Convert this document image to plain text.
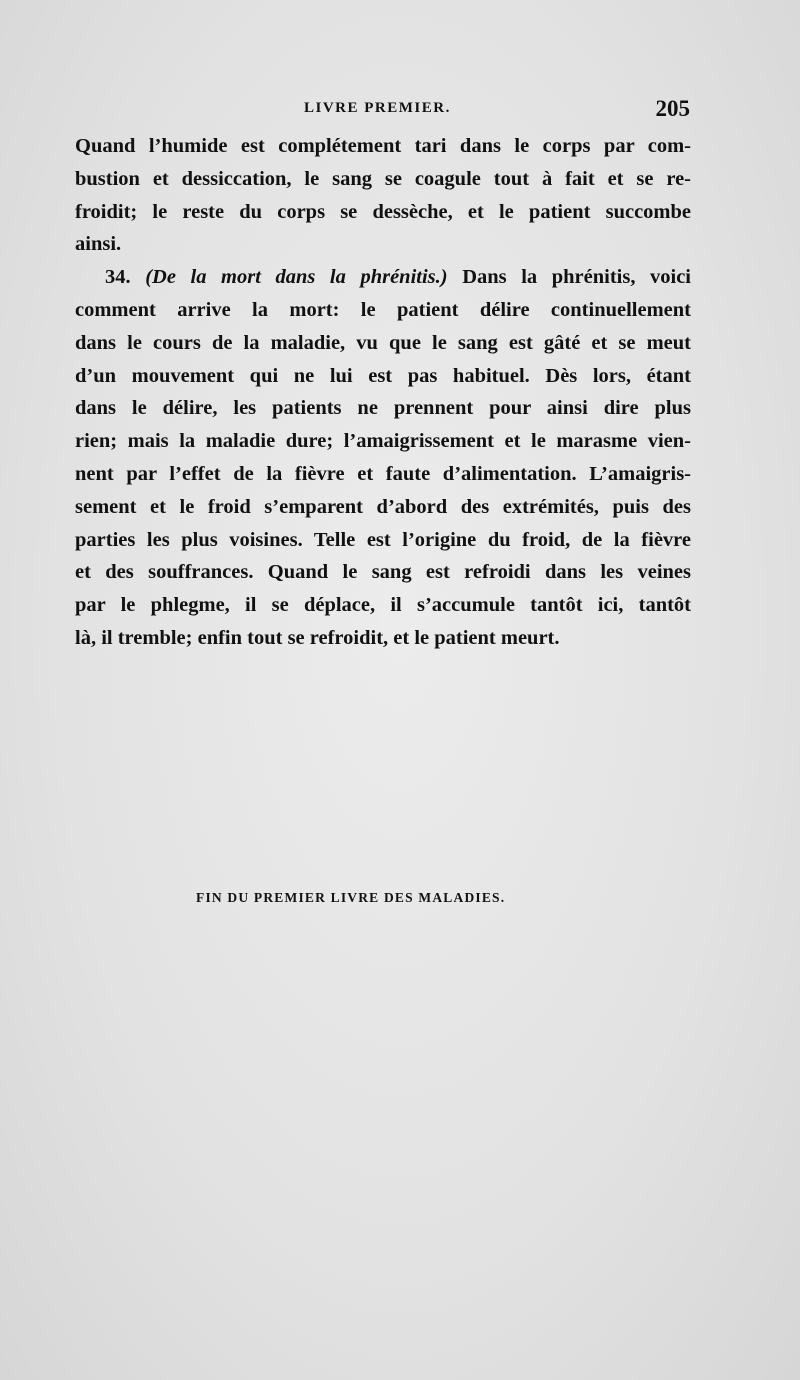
LIVRE PREMIER.	205
Quand l’humide est complétement tari dans le corps par com-
bustion et dessiccation, le sang se coagule tout à fait et se re-
froidit; le reste du corps se dessèche, et le patient succombe
ainsi.
34. (De la mort dans la phrénitis.) Dans la phrénitis, voici
comment arrive la mort: le patient délire continuellement
dans le cours de la maladie, vu que le sang est gâté et se meut
d’un mouvement qui ne lui est pas habituel. Dès lors, étant
dans le délire, les patients ne prennent pour ainsi dire plus
rien; mais la maladie dure; l’amaigrissement et le marasme vien-
nent par l’effet de la fièvre et faute d’alimentation. L’amaigris-
sement et le froid s’emparent d’abord des extrémités, puis des
parties les plus voisines. Telle est l’origine du froid, de la fièvre
et des souffrances. Quand le sang est refroidi dans les veines
par le phlegme, il se déplace, il s’accumule tantôt ici, tantôt
là, il tremble; enfin tout se refroidit, et le patient meurt.
FIN DU PREMIER LIVRE DES MALADIES.
